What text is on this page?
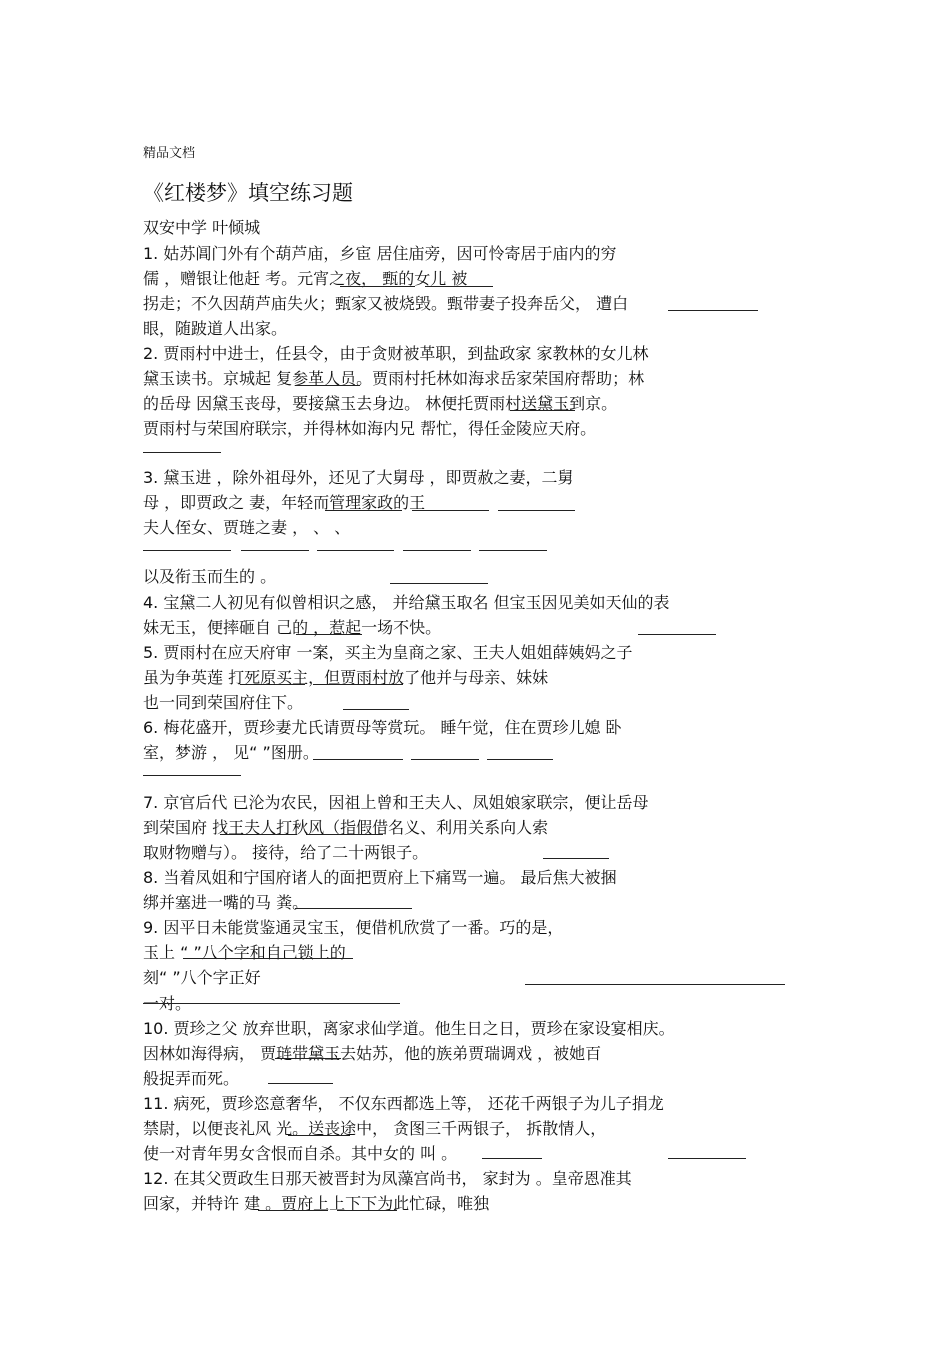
精品文档
《红楼梦》填空练习题
双安中学 叶倾城
1. 姑苏阊门外有个葫芦庙，乡宦 居住庙旁，因可怜寄居于庙内的穷
儒 ，赠银让他赶 考。元宵之夜， 甄的女儿 被
拐走；不久因葫芦庙失火；甄家又被烧毁。甄带妻子投奔岳父， 遭白
眼，随跛道人出家。
2. 贾雨村中进士，任县令，由于贪财被革职，到盐政家 家教林的女儿林
黛玉读书。京城起 复参革人员。贾雨村托林如海求岳家荣国府帮助；林
的岳母 因黛玉丧母，要接黛玉去身边。 林便托贾雨村送黛玉到京。
贾雨村与荣国府联宗，并得林如海内兄 帮忙，得任金陵应天府。
3. 黛玉进 ，除外祖母外，还见了大舅母 ，即贾赦之妻，二舅
母 ，即贾政之 妻，年轻而管理家政的王
夫人侄女、贾琏之妻 ， 、 、
以及衔玉而生的 。
4. 宝黛二人初见有似曾相识之感， 并给黛玉取名 但宝玉因见美如天仙的表
妹无玉，便摔砸自 己的 ，惹起一场不快。
5. 贾雨村在应天府审 一案，买主为皇商之家、王夫人姐姐薛姨妈之子
虽为争英莲 打死原买主，但贾雨村放了他并与母亲、妹妹
也一同到荣国府住下。
6. 梅花盛开，贾珍妻尤氏请贾母等赏玩。 睡午觉，住在贾珍儿媳 卧
室，梦游 ， 见“ ”图册。
7. 京官后代 已沦为农民，因祖上曾和王夫人、凤姐娘家联宗，便让岳母
到荣国府 找王夫人打秋风（指假借名义、利用关系向人索
取财物赠与）。 接待，给了二十两银子。
8. 当着凤姐和宁国府诸人的面把贾府上下痛骂一遍。 最后焦大被捆
绑并塞进一嘴的马 粪。
9. 因平日未能赏鉴通灵宝玉，便借机欣赏了一番。巧的是，
玉上 “ ”八个字和自己锁上的
刻“ ”八个字正好
一对。
10. 贾珍之父 放弃世职，离家求仙学道。他生日之日，贾珍在家设宴相庆。
因林如海得病， 贾琏带黛玉去姑苏，他的族弟贾瑞调戏 ，被她百
般捉弄而死。
11. 病死，贾珍恣意奢华， 不仅东西都选上等， 还花千两银子为儿子捐龙
禁尉，以便丧礼风 光。送丧途中， 贪图三千两银子， 拆散情人，
使一对青年男女含恨而自杀。其中女的 叫 。
12. 在其父贾政生日那天被晋封为凤藻宫尚书， 家封为 。皇帝恩准其
回家，并特许 建 。贾府上上下下为此忙碌，唯独
